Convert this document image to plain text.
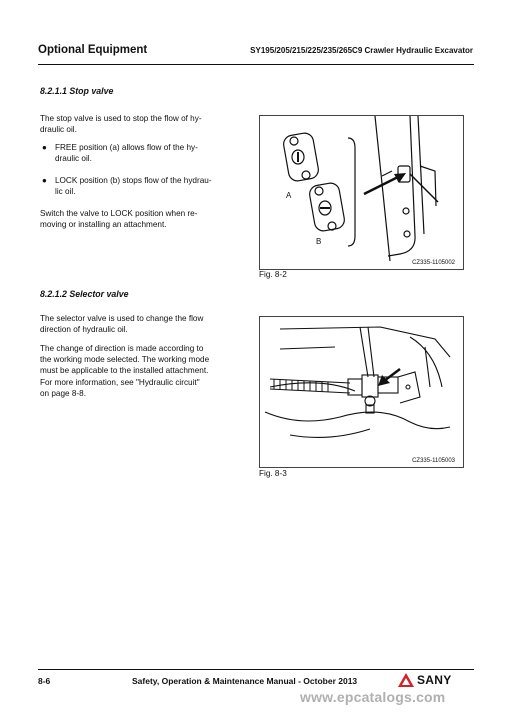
Optional Equipment	SY195/205/215/225/235/265C9 Crawler Hydraulic Excavator
8.2.1.1 Stop valve
The stop valve is used to stop the flow of hy-
draulic oil.
● FREE position (a) allows flow of the hy-
draulic oil.
● LOCK position (b) stops flow of the hydrau-
lic oil.
Switch the valve to LOCK position when re-
moving or installing an attachment.
A
B
CZ335-1105002
Fig. 8-2
8.2.1.2 Selector valve
The selector valve is used to change the flow
direction of hydraulic oil.
The change of direction is made according to
the working mode selected. The working mode
must be applicable to the installed attachment.
For more information, see "Hydraulic circuit"
on page 8-8.
CZ335-1105003
Fig. 8-3
8-6	Safety, Operation & Maintenance Manual - October 2013	SANY
www.epcatalogs.com
